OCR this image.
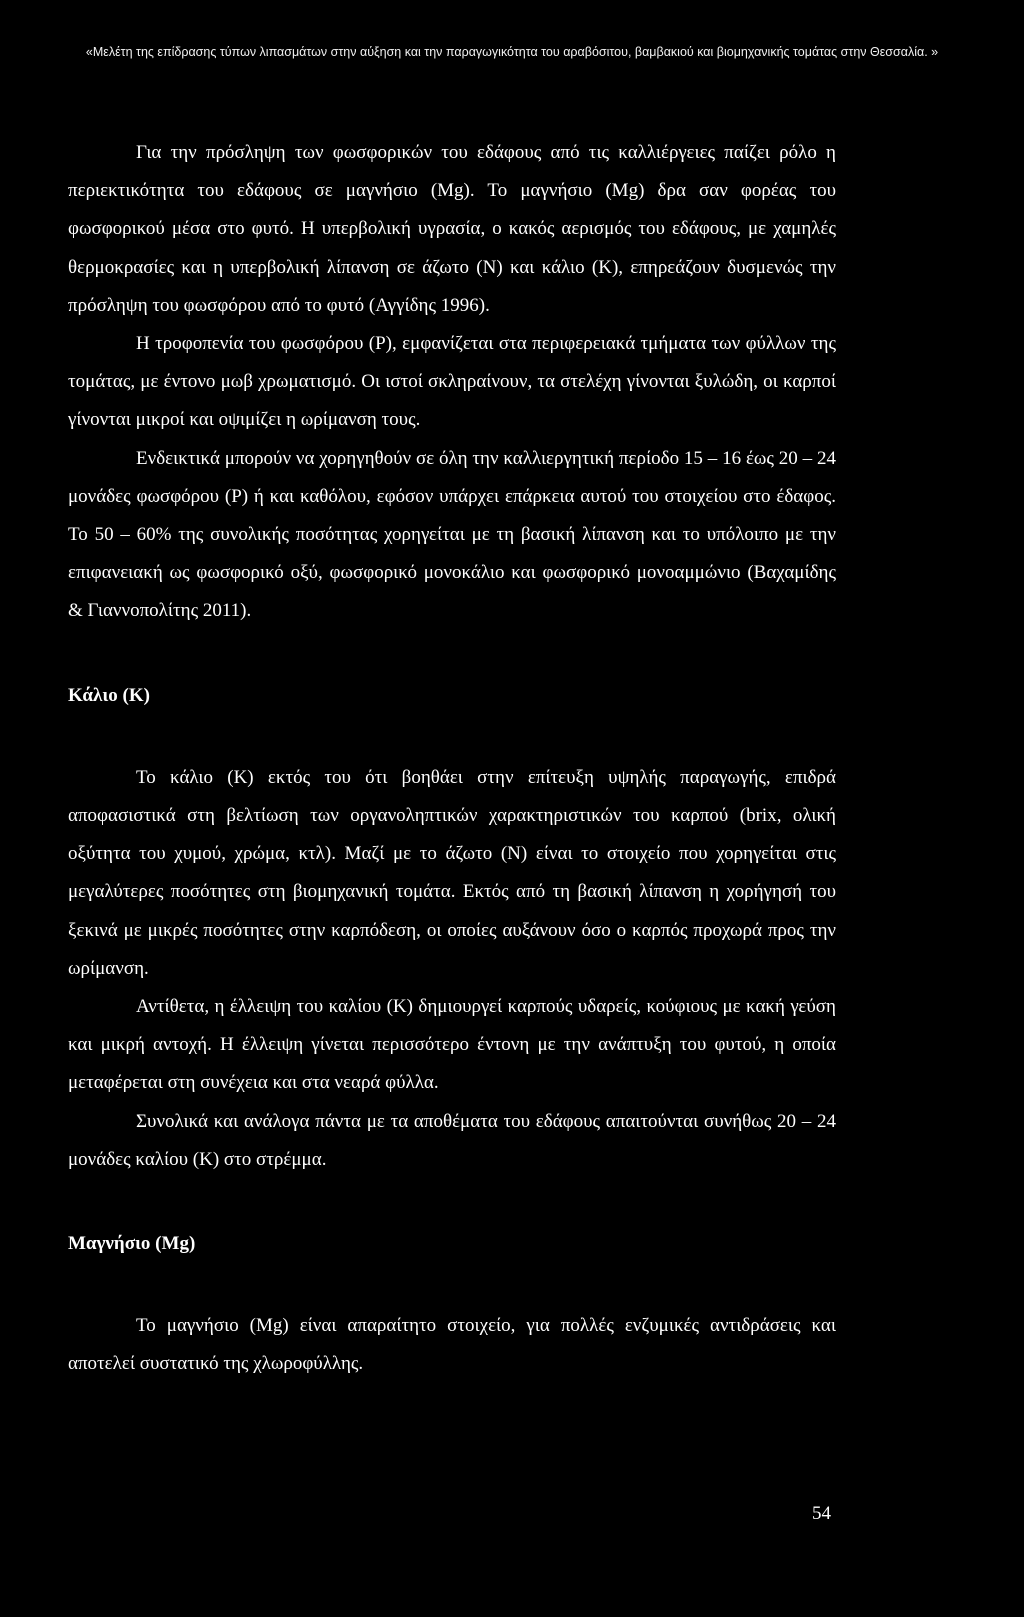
«Μελέτη της επίδρασης τύπων λιπασμάτων στην αύξηση και την παραγωγικότητα του αραβόσιτου, βαμβακιού και βιομηχανικής τομάτας στην Θεσσαλία. »

Για την πρόσληψη των φωσφορικών του εδάφους από τις καλλιέργειες παίζει ρόλο η περιεκτικότητα του εδάφους σε μαγνήσιο (Mg). Το μαγνήσιο (Mg) δρα σαν φορέας του φωσφορικού μέσα στο φυτό. Η υπερβολική υγρασία, ο κακός αερισμός του εδάφους, με χαμηλές θερμοκρασίες και η υπερβολική λίπανση σε άζωτο (N) και κάλιο (K), επηρεάζουν δυσμενώς την πρόσληψη του φωσφόρου από το φυτό (Αγγίδης 1996).

Η τροφοπενία του φωσφόρου (P), εμφανίζεται στα περιφερειακά τμήματα των φύλλων της τομάτας, με έντονο μωβ χρωματισμό. Οι ιστοί σκληραίνουν, τα στελέχη γίνονται ξυλώδη, οι καρποί γίνονται μικροί και οψιμίζει η ωρίμανση τους.

Ενδεικτικά μπορούν να χορηγηθούν σε όλη την καλλιεργητική περίοδο 15 – 16 έως 20 – 24 μονάδες φωσφόρου (P) ή και καθόλου, εφόσον υπάρχει επάρκεια αυτού του στοιχείου στο έδαφος. Το 50 – 60% της συνολικής ποσότητας χορηγείται με τη βασική λίπανση και το υπόλοιπο με την επιφανειακή ως φωσφορικό οξύ, φωσφορικό μονοκάλιο και φωσφορικό μονοαμμώνιο (Βαχαμίδης & Γιαννοπολίτης 2011).

Κάλιο (K)

Το κάλιο (K) εκτός του ότι βοηθάει στην επίτευξη υψηλής παραγωγής, επιδρά αποφασιστικά στη βελτίωση των οργανοληπτικών χαρακτηριστικών του καρπού (brix, ολική οξύτητα του χυμού, χρώμα, κτλ). Μαζί με το άζωτο (N) είναι το στοιχείο που χορηγείται στις μεγαλύτερες ποσότητες στη βιομηχανική τομάτα. Εκτός από τη βασική λίπανση η χορήγησή του ξεκινά με μικρές ποσότητες στην καρπόδεση, οι οποίες αυξάνουν όσο ο καρπός προχωρά προς την ωρίμανση.

Αντίθετα, η έλλειψη του καλίου (K) δημιουργεί καρπούς υδαρείς, κούφιους με κακή γεύση και μικρή αντοχή. Η έλλειψη γίνεται περισσότερο έντονη με την ανάπτυξη του φυτού, η οποία μεταφέρεται στη συνέχεια και στα νεαρά φύλλα.

Συνολικά και ανάλογα πάντα με τα αποθέματα του εδάφους απαιτούνται συνήθως 20 – 24 μονάδες καλίου (K) στο στρέμμα.

Μαγνήσιο (Mg)

Το μαγνήσιο (Mg) είναι απαραίτητο στοιχείο, για πολλές ενζυμικές αντιδράσεις και αποτελεί συστατικό της χλωροφύλλης.

54
